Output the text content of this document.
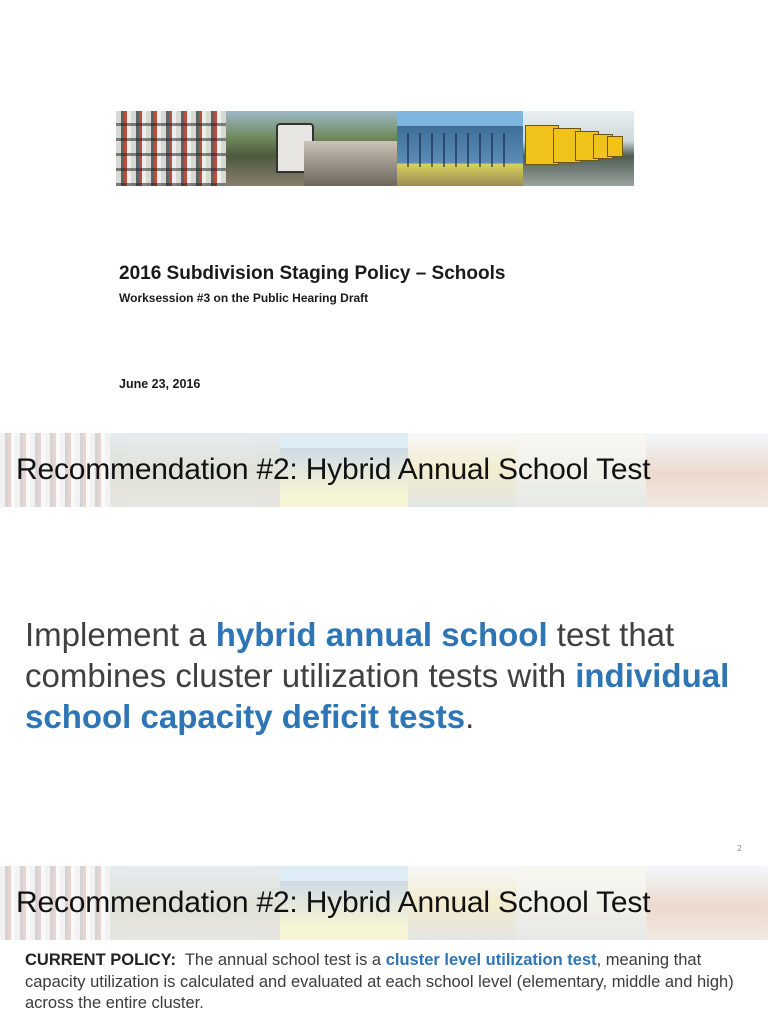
2016 Subdivision Staging Policy – Schools
Worksession #3 on the Public Hearing Draft
June 23, 2016
Recommendation #2: Hybrid Annual School Test

Implement a hybrid annual school test that combines cluster utilization tests with individual school capacity deficit tests.

2
Recommendation #2: Hybrid Annual School Test

CURRENT POLICY:  The annual school test is a cluster level utilization test, meaning that capacity utilization is calculated and evaluated at each school level (elementary, middle and high) across the entire cluster.
